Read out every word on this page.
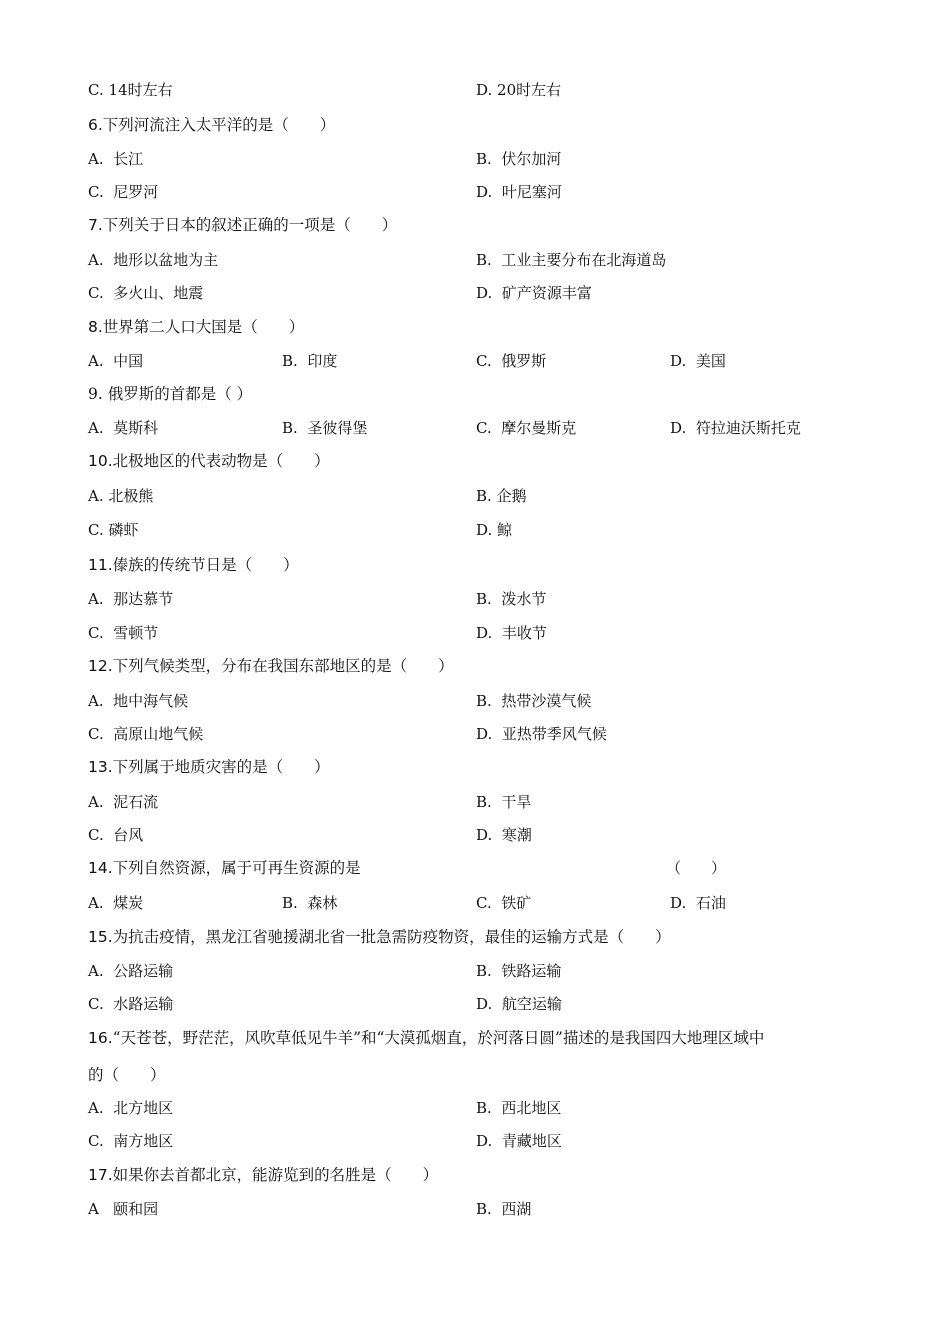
C. 14时左右	D. 20时左右
6.下列河流注入太平洋的是（　　）
A. 长江	B. 伏尔加河
C. 尼罗河	D. 叶尼塞河
7.下列关于日本的叙述正确的一项是（　　）
A. 地形以盆地为主	B. 工业主要分布在北海道岛
C. 多火山、地震	D. 矿产资源丰富
8.世界第二人口大国是（　　）
A. 中国	B. 印度	C. 俄罗斯	D. 美国
9. 俄罗斯的首都是（ ）
A. 莫斯科	B. 圣彼得堡	C. 摩尔曼斯克	D. 符拉迪沃斯托克
10.北极地区的代表动物是（　　）
A. 北极熊	B. 企鹅
C. 磷虾	D. 鲸
11.傣族的传统节日是（　　）
A. 那达慕节	B. 泼水节
C. 雪顿节	D. 丰收节
12.下列气候类型，分布在我国东部地区的是（　　）
A. 地中海气候	B. 热带沙漠气候
C. 高原山地气候	D. 亚热带季风气候
13.下列属于地质灾害的是（　　）
A. 泥石流	B. 干旱
C. 台风	D. 寒潮
14.下列自然资源，属于可再生资源的是	（　　）
A. 煤炭	B. 森林	C. 铁矿	D. 石油
15.为抗击疫情，黑龙江省驰援湖北省一批急需防疫物资，最佳的运输方式是（　　）
A. 公路运输	B. 铁路运输
C. 水路运输	D. 航空运输
16.“天苍苍，野茫茫，风吹草低见牛羊”和“大漠孤烟直，於河落日圆”描述的是我国四大地理区域中
的（　　）
A. 北方地区	B. 西北地区
C. 南方地区	D. 青藏地区
17.如果你去首都北京，能游览到的名胜是（　　）
A 颐和园	B. 西湖
